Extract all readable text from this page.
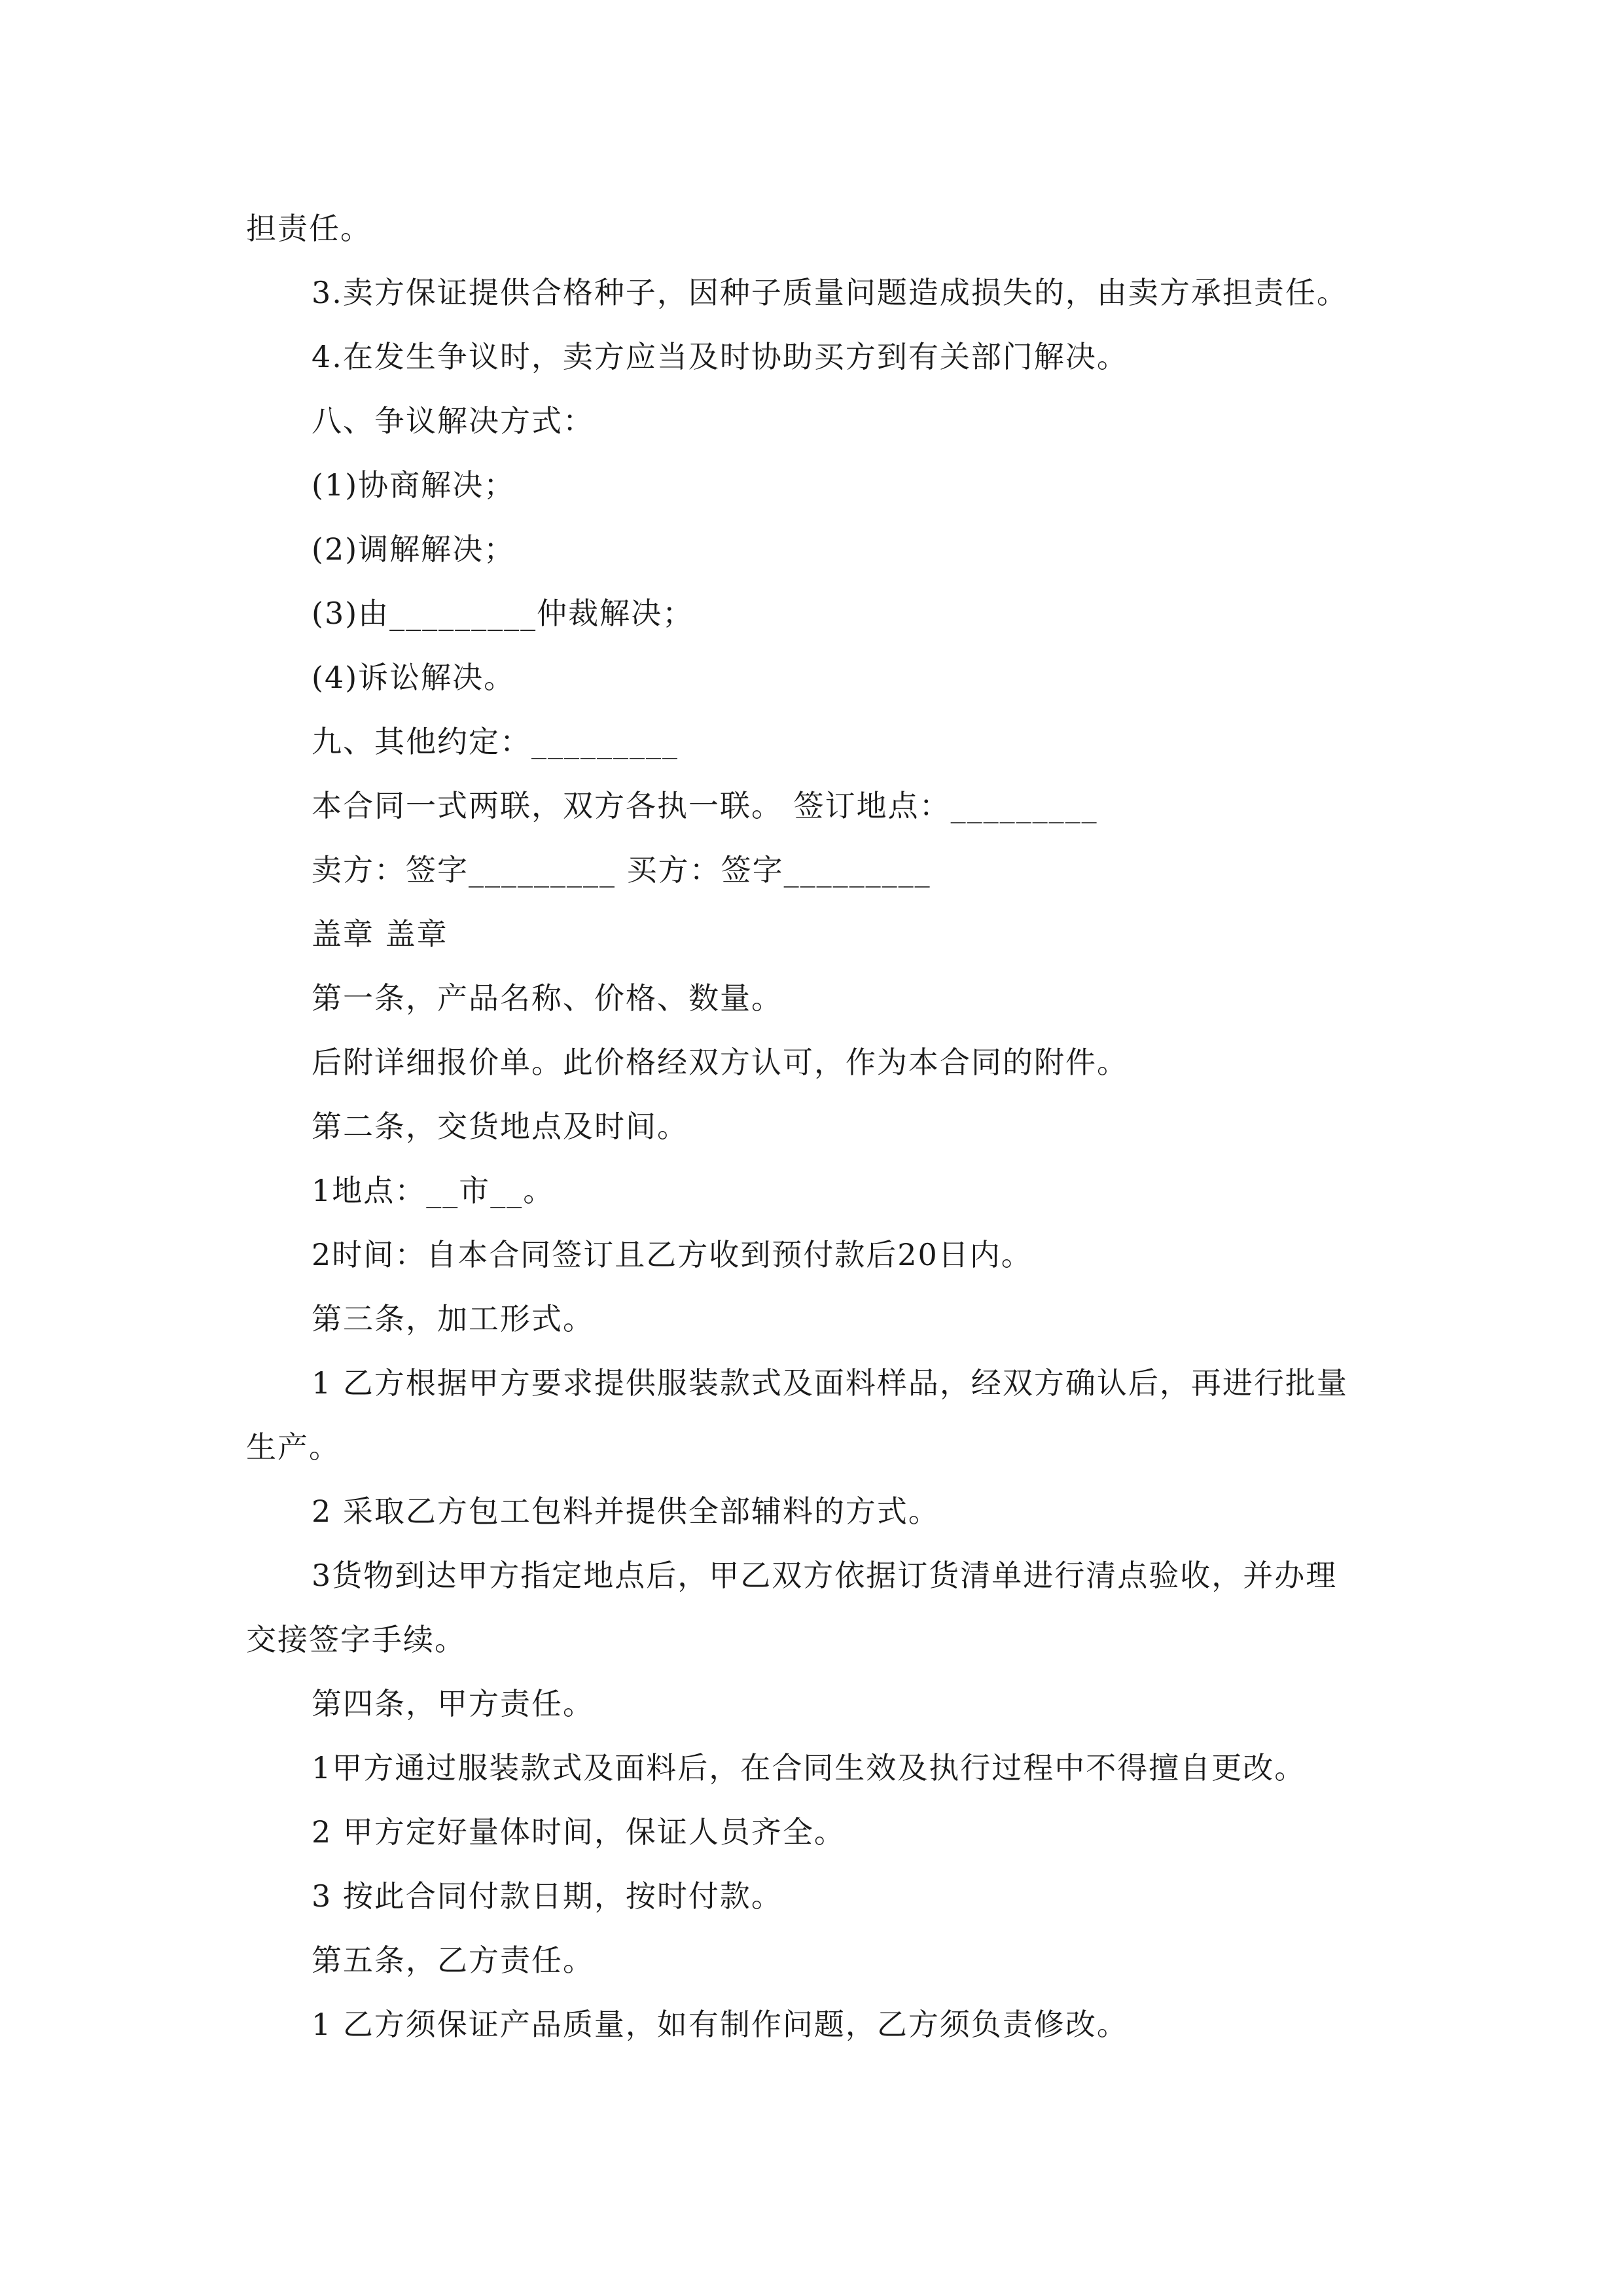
担责任。
3.卖方保证提供合格种子，因种子质量问题造成损失的，由卖方承担责任。
4.在发生争议时，卖方应当及时协助买方到有关部门解决。
八、争议解决方式：
(1)协商解决；
(2)调解解决；
(3)由_________仲裁解决；
(4)诉讼解决。
九、其他约定：_________
本合同一式两联，双方各执一联。 签订地点：_________
卖方：签字_________ 买方：签字_________
盖章 盖章
第一条，产品名称、价格、数量。
后附详细报价单。此价格经双方认可，作为本合同的附件。
第二条，交货地点及时间。
1地点：__市__。
2时间：自本合同签订且乙方收到预付款后20日内。
第三条，加工形式。
1 乙方根据甲方要求提供服装款式及面料样品，经双方确认后，再进行批量
生产。
2 采取乙方包工包料并提供全部辅料的方式。
3货物到达甲方指定地点后，甲乙双方依据订货清单进行清点验收，并办理
交接签字手续。
第四条，甲方责任。
1甲方通过服装款式及面料后，在合同生效及执行过程中不得擅自更改。
2 甲方定好量体时间，保证人员齐全。
3 按此合同付款日期，按时付款。
第五条，乙方责任。
1 乙方须保证产品质量，如有制作问题，乙方须负责修改。
